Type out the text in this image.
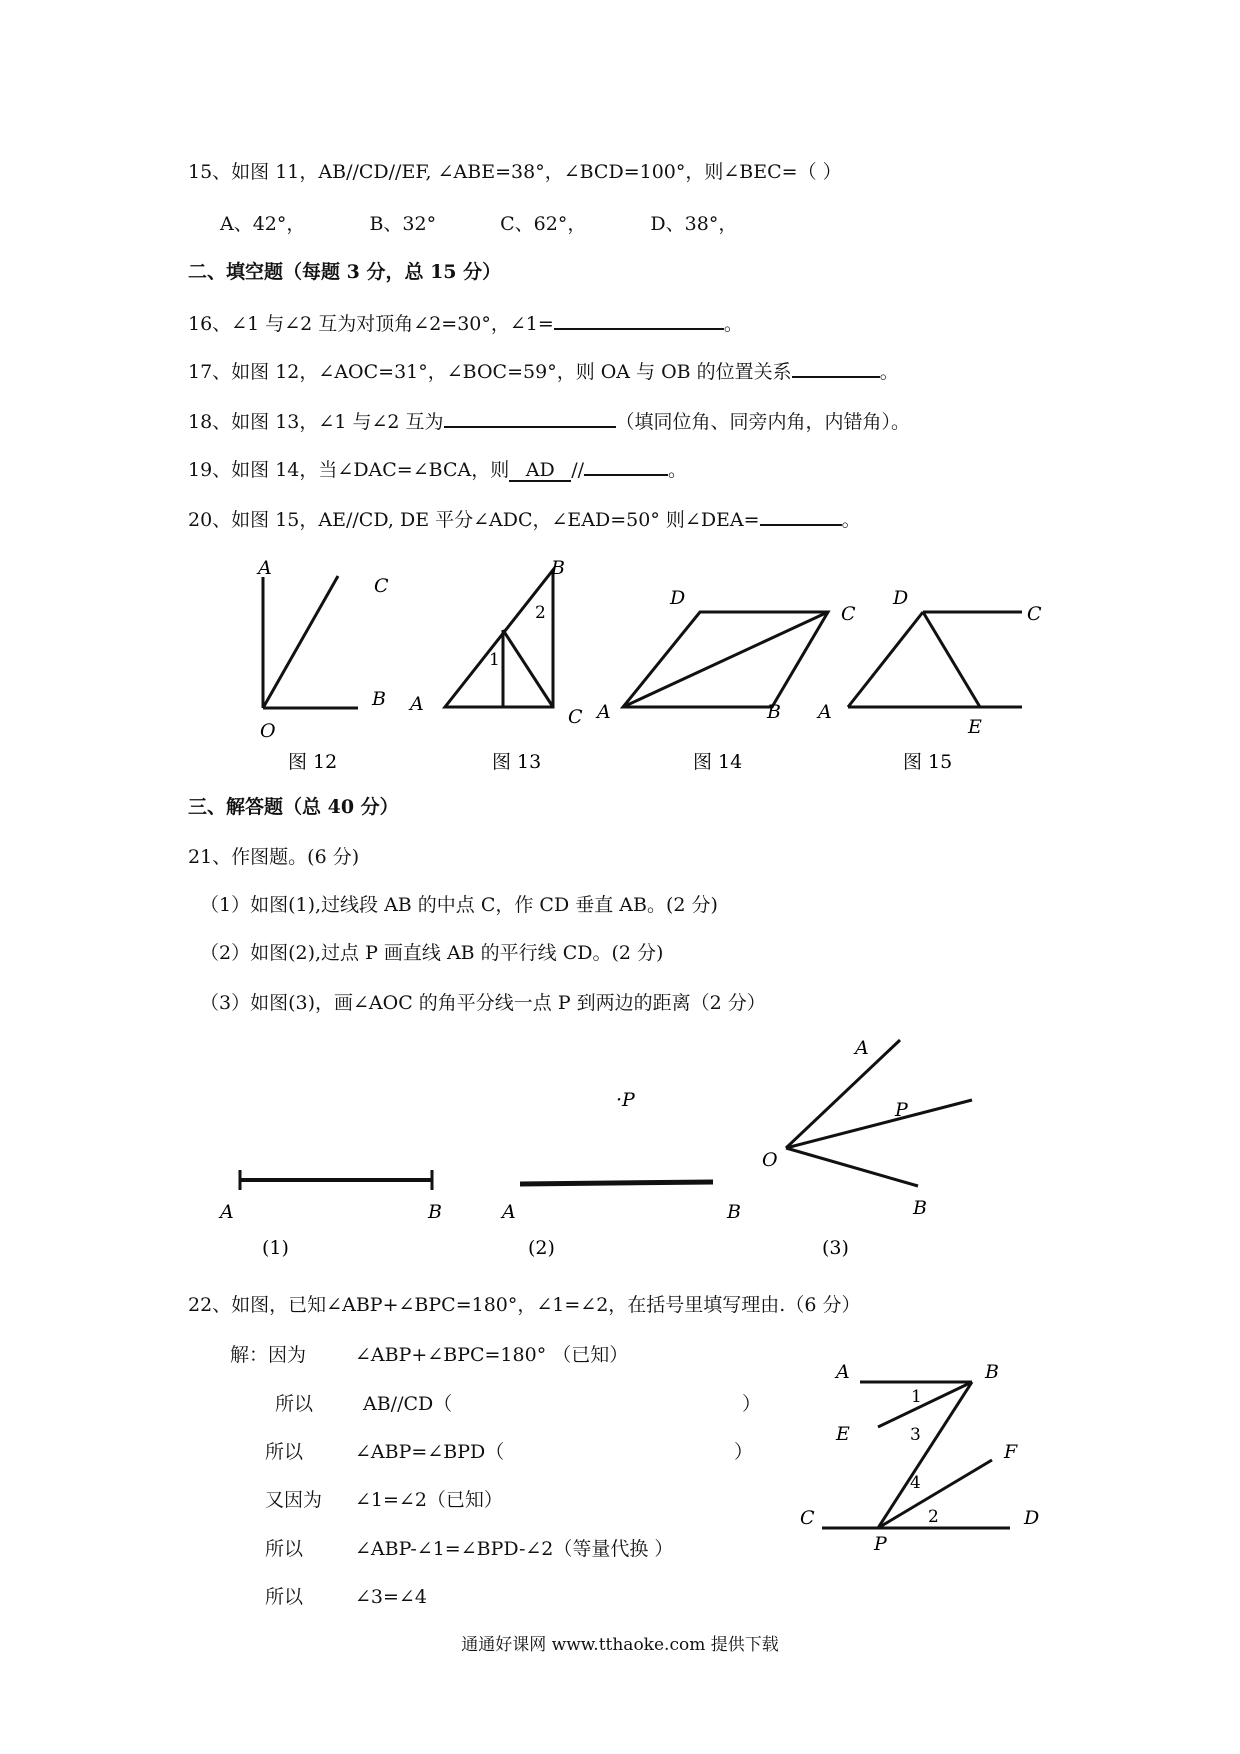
15、如图 11，AB//CD//EF, ∠ABE=38°，∠BCD=100°，则∠BEC=（ ）
A、42°，	B、32°	C、62°，	D、38°，
二、填空题（每题 3 分，总 15 分）
16、∠1 与∠2 互为对顶角∠2=30°，∠1=	。
17、如图 12，∠AOC=31°，∠BOC=59°，则 OA 与 OB 的位置关系	。
18、如图 13，∠1 与∠2 互为	（填同位角、同旁内角，内错角）。
19、如图 14，当∠DAC=∠BCA，则 AD //	。
20、如图 15，AE//CD, DE 平分∠ADC，∠EAD=50° 则∠DEA=	。
A
C
O
B
图 12
A
B
C
1
2
图 13
A	B
C
D
图 14
A
C
D
E
图 15
三、解答题（总 40 分）
21、作图题。(6 分)
（1）如图(1),过线段 AB 的中点 C，作 CD 垂直 AB。(2 分)
（2）如图(2),过点 P 画直线 AB 的平行线 CD。(2 分)
（3）如图(3)，画∠AOC 的角平分线一点 P 到两边的距离（2 分）
A	B
(1)
·P
A	B
(2)
A
P
O
B
(3)
22、如图，已知∠ABP+∠BPC=180°，∠1=∠2，在括号里填写理由.（6 分）
解：因为	∠ABP+∠BPC=180° （已知）
所以	AB//CD（	）
所以	∠ABP=∠BPD（	）
又因为 ∠1=∠2（已知）
所以	∠ABP-∠1=∠BPD-∠2（等量代换 ）
所以	∠3=∠4
A	B
E
F
C	D
P
1
3
4
2
通通好课网 www.tthaoke.com 提供下载
